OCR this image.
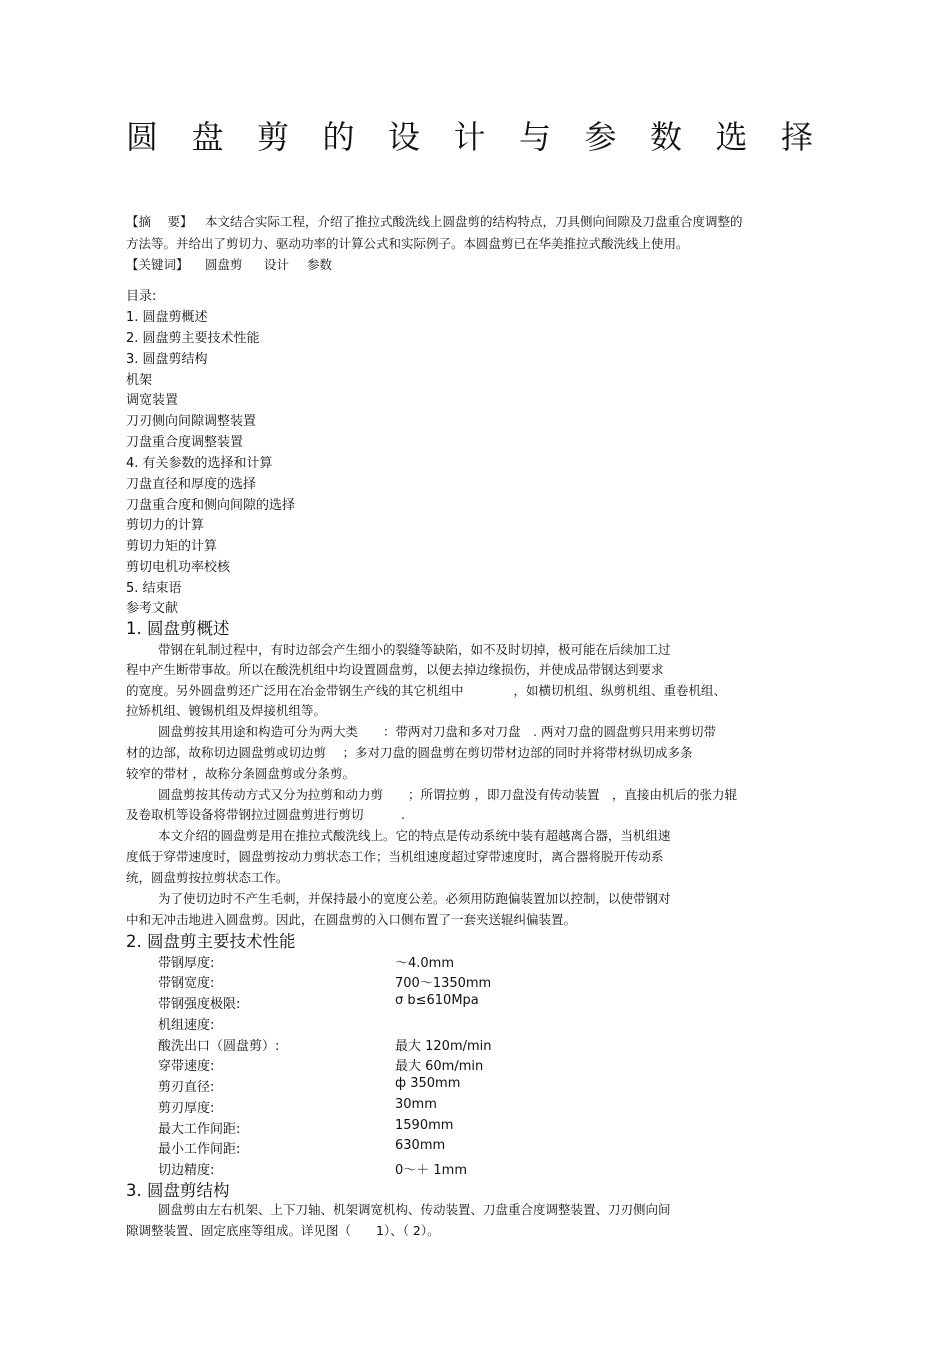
圆盘剪的设计与参数选择
【摘　 要】 本文结合实际工程，介绍了推拉式酸洗线上圆盘剪的结构特点，刀具侧向间隙及刀盘重合度调整的
方法等。并给出了剪切力、驱动功率的计算公式和实际例子。本圆盘剪已在华美推拉式酸洗线上使用。
【关键词】 圆盘剪 设计 参数
目录:
1. 圆盘剪概述
2. 圆盘剪主要技术性能
3. 圆盘剪结构
机架
调宽装置
刀刃侧向间隙调整装置
刀盘重合度调整装置
4. 有关参数的选择和计算
刀盘直径和厚度的选择
刀盘重合度和侧向间隙的选择
剪切力的计算
剪切力矩的计算
剪切电机功率校核
5. 结束语
参考文献
1. 圆盘剪概述
带钢在轧制过程中，有时边部会产生细小的裂缝等缺陷，如不及时切掉，极可能在后续加工过
程中产生断带事故。所以在酸洗机组中均设置圆盘剪，以便去掉边缘损伤，并使成品带钢达到要求
的宽度。另外圆盘剪还广泛用在冶金带钢生产线的其它机组中　　　　，如横切机组、纵剪机组、重卷机组、
拉矫机组、镀锡机组及焊接机组等。
圆盘剪按其用途和构造可分为两大类　　：带两对刀盘和多对刀盘　. 两对刀盘的圆盘剪只用来剪切带
材的边部，故称切边圆盘剪或切边剪　 ；多对刀盘的圆盘剪在剪切带材边部的同时并将带材纵切成多条
较窄的带材 ，故称分条圆盘剪或分条剪。
圆盘剪按其传动方式又分为拉剪和动力剪　　；所谓拉剪 ，即刀盘没有传动装置　，直接由机后的张力辊
及卷取机等设备将带钢拉过圆盘剪进行剪切　　　.
本文介绍的圆盘剪是用在推拉式酸洗线上。它的特点是传动系统中装有超越离合器，当机组速
度低于穿带速度时，圆盘剪按动力剪状态工作；当机组速度超过穿带速度时，离合器将脱开传动系
统，圆盘剪按拉剪状态工作。
为了使切边时不产生毛刺，并保持最小的宽度公差。必须用防跑偏装置加以控制，以使带钢对
中和无冲击地进入圆盘剪。因此，在圆盘剪的入口侧布置了一套夹送辊纠偏装置。
2. 圆盘剪主要技术性能
带钢厚度:	～4.0mm
带钢宽度:	700～1350mm
带钢强度极限:	σ b≤610Mpa
机组速度:
酸洗出口（圆盘剪）:	最大 120m/min
穿带速度:	最大 60m/min
剪刃直径:	ф 350mm
剪刃厚度:	30mm
最大工作间距:	1590mm
最小工作间距:	630mm
切边精度:	0～＋ 1mm
3. 圆盘剪结构
圆盘剪由左右机架、上下刀轴、机架调宽机构、传动装置、刀盘重合度调整装置、刀刃侧向间
隙调整装置、固定底座等组成。详见图（　　1）、（ 2）。
